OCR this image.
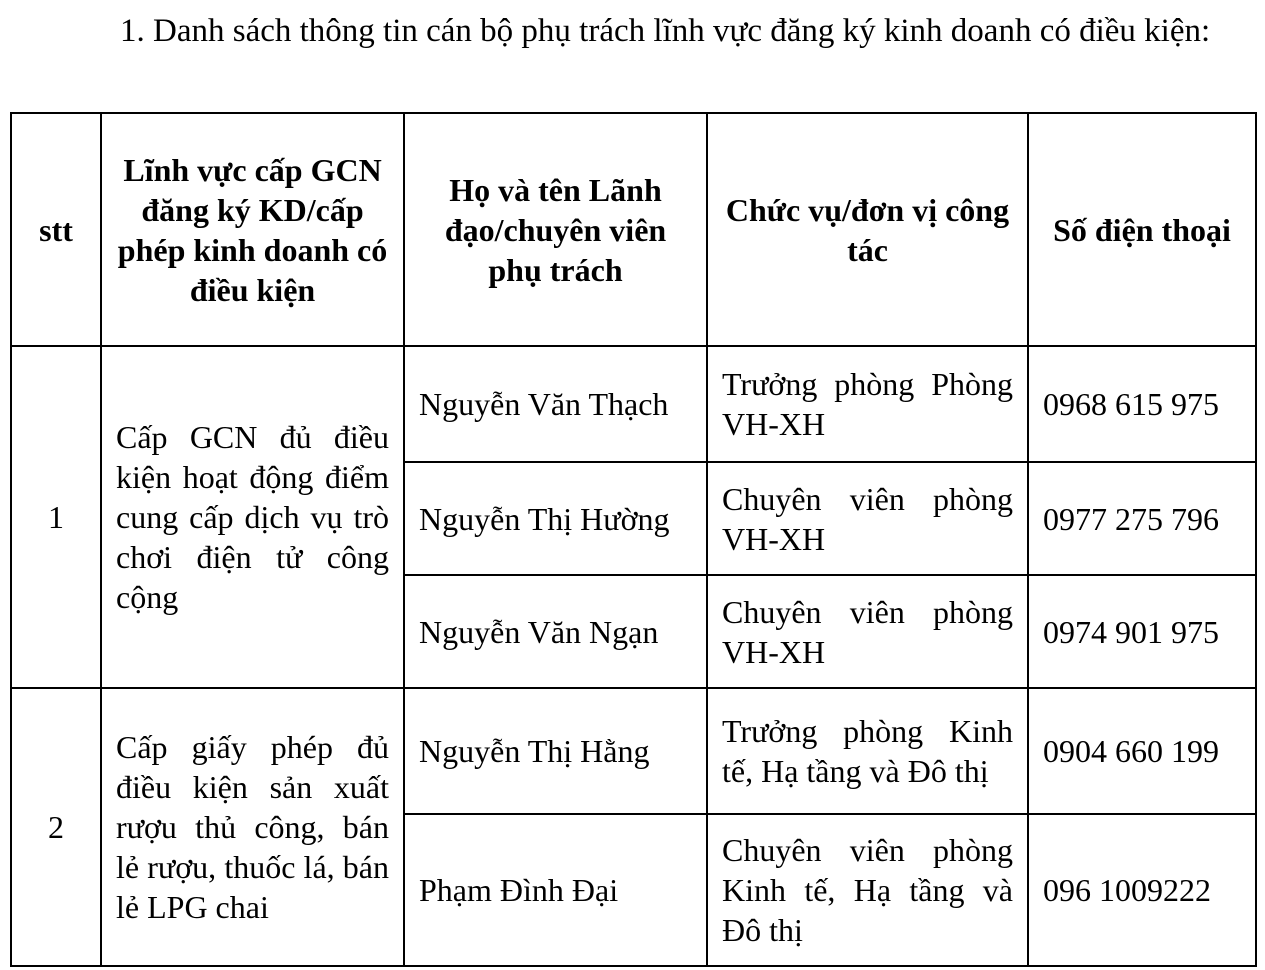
1. Danh sách thông tin cán bộ phụ trách lĩnh vực đăng ký kinh doanh có điều kiện:

stt	Lĩnh vực cấp GCN đăng ký KD/cấp phép kinh doanh có điều kiện	Họ và tên Lãnh đạo/chuyên viên phụ trách	Chức vụ/đơn vị công tác	Số điện thoại
1	Cấp GCN đủ điều kiện hoạt động điểm cung cấp dịch vụ trò chơi điện tử công cộng	Nguyễn Văn Thạch	Trưởng phòng Phòng VH-XH	0968 615 975
		Nguyễn Thị Hường	Chuyên viên phòng VH-XH	0977 275 796
		Nguyễn Văn Ngạn	Chuyên viên phòng VH-XH	0974 901 975
2	Cấp giấy phép đủ điều kiện sản xuất rượu thủ công, bán lẻ rượu, thuốc lá, bán lẻ LPG chai	Nguyễn Thị Hằng	Trưởng phòng Kinh tế, Hạ tầng và Đô thị	0904 660 199
		Phạm Đình Đại	Chuyên viên phòng Kinh tế, Hạ tầng và Đô thị	096 1009222
